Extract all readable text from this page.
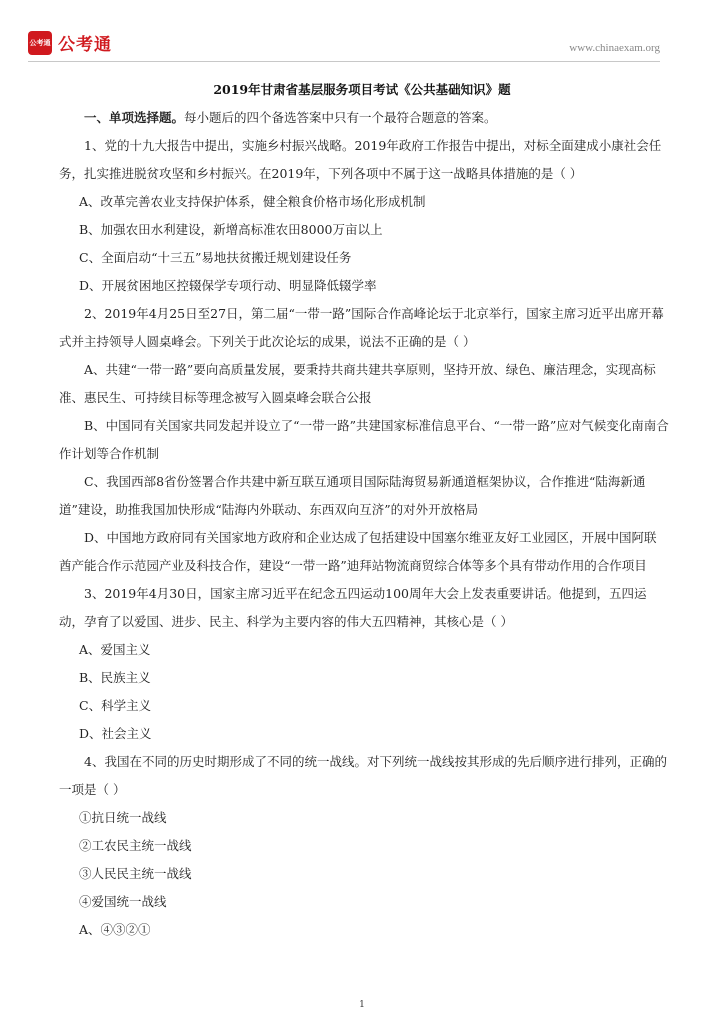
公考通 公考通	www.chinaexam.org
2019年甘肃省基层服务项目考试《公共基础知识》题

一、单项选择题。每小题后的四个备选答案中只有一个最符合题意的答案。

1、党的十九大报告中提出，实施乡村振兴战略。2019年政府工作报告中提出，对标全面建成小康社会任务，扎实推进脱贫攻坚和乡村振兴。在2019年，下列各项中不属于这一战略具体措施的是（ ）

A、改革完善农业支持保护体系，健全粮食价格市场化形成机制

B、加强农田水利建设，新增高标准农田8000万亩以上

C、全面启动“十三五”易地扶贫搬迁规划建设任务

D、开展贫困地区控辍保学专项行动、明显降低辍学率

2、2019年4月25日至27日，第二届“一带一路”国际合作高峰论坛于北京举行，国家主席习近平出席开幕式并主持领导人圆桌峰会。下列关于此次论坛的成果，说法不正确的是（ ）

A、共建“一带一路”要向高质量发展，要秉持共商共建共享原则，坚持开放、绿色、廉洁理念，实现高标准、惠民生、可持续目标等理念被写入圆桌峰会联合公报

B、中国同有关国家共同发起并设立了“一带一路”共建国家标准信息平台、“一带一路”应对气候变化南南合作计划等合作机制

C、我国西部8省份签署合作共建中新互联互通项目国际陆海贸易新通道框架协议，合作推进“陆海新通道”建设，助推我国加快形成“陆海内外联动、东西双向互济”的对外开放格局

D、中国地方政府同有关国家地方政府和企业达成了包括建设中国塞尔维亚友好工业园区，开展中国阿联酋产能合作示范园产业及科技合作，建设“一带一路”迪拜站物流商贸综合体等多个具有带动作用的合作项目

3、2019年4月30日，国家主席习近平在纪念五四运动100周年大会上发表重要讲话。他提到，五四运动，孕育了以爱国、进步、民主、科学为主要内容的伟大五四精神，其核心是（ ）

A、爱国主义

B、民族主义

C、科学主义

D、社会主义

4、我国在不同的历史时期形成了不同的统一战线。对下列统一战线按其形成的先后顺序进行排列，正确的一项是（ ）

①抗日统一战线

②工农民主统一战线

③人民民主统一战线

④爱国统一战线

A、④③②①

1
